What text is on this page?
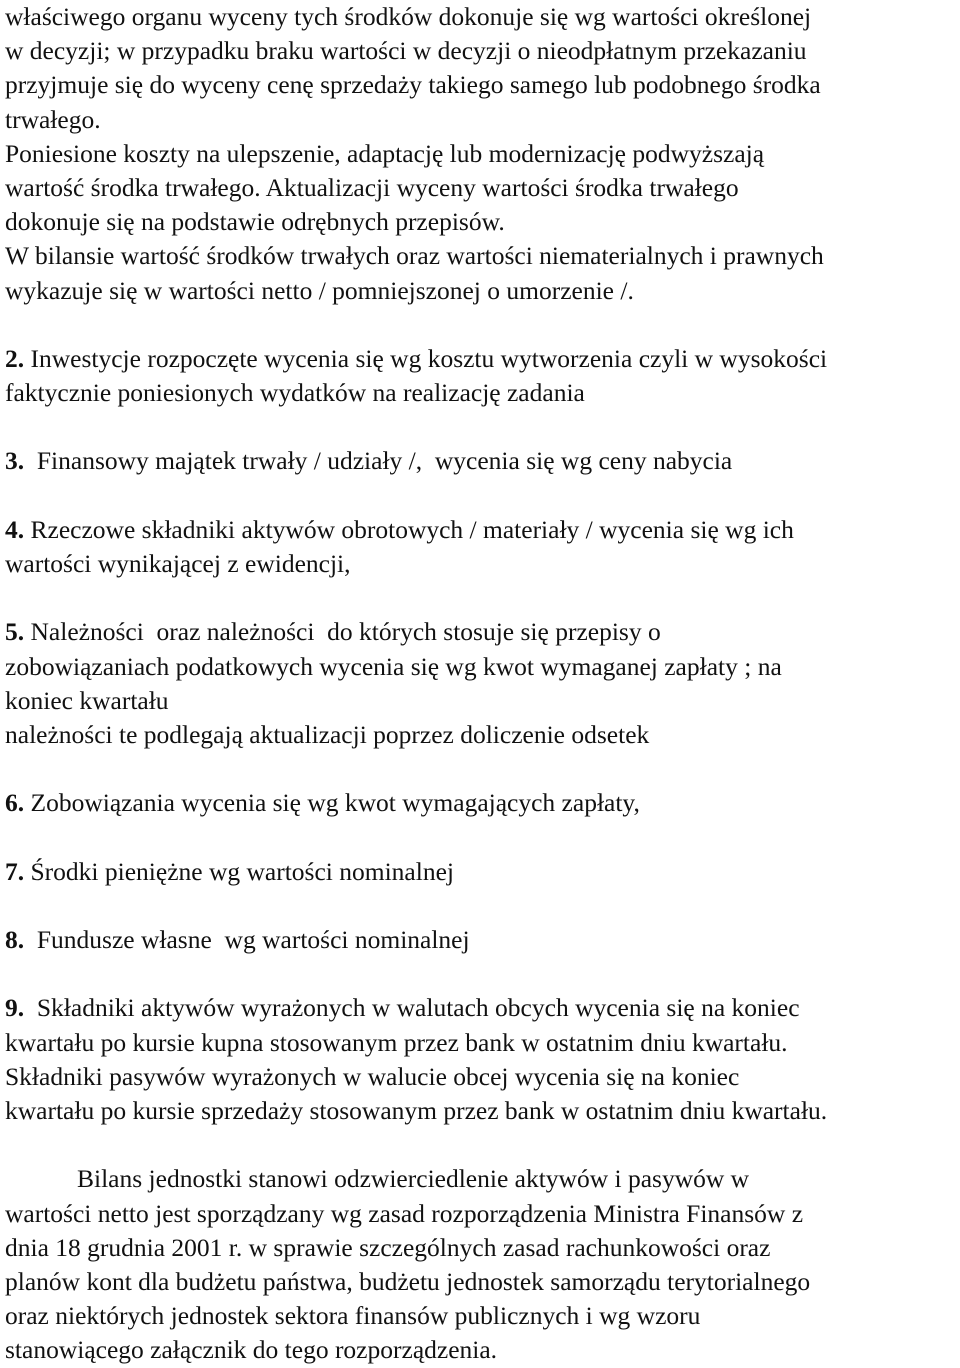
właściwego organu wyceny tych środków dokonuje się wg wartości określonej

w decyzji; w przypadku braku wartości w decyzji o nieodpłatnym przekazaniu

przyjmuje się do wyceny cenę sprzedaży takiego samego lub podobnego środka

trwałego.

Poniesione koszty na ulepszenie, adaptację lub modernizację podwyższają

wartość środka trwałego. Aktualizacji wyceny wartości środka trwałego

dokonuje się na podstawie odrębnych przepisów.

W bilansie wartość środków trwałych oraz wartości niematerialnych i prawnych

wykazuje się w wartości netto / pomniejszonej o umorzenie /.

2. Inwestycje rozpoczęte wycenia się wg kosztu wytworzenia czyli w wysokości

faktycznie poniesionych wydatków na realizację zadania

3.  Finansowy majątek trwały / udziały /,  wycenia się wg ceny nabycia

4. Rzeczowe składniki aktywów obrotowych / materiały / wycenia się wg ich

wartości wynikającej z ewidencji,

5. Należności  oraz należności  do których stosuje się przepisy o

zobowiązaniach podatkowych wycenia się wg kwot wymaganej zapłaty ; na

koniec kwartału

należności te podlegają aktualizacji poprzez doliczenie odsetek

6. Zobowiązania wycenia się wg kwot wymagających zapłaty,

7. Środki pieniężne wg wartości nominalnej

8.  Fundusze własne  wg wartości nominalnej

9.  Składniki aktywów wyrażonych w walutach obcych wycenia się na koniec

kwartału po kursie kupna stosowanym przez bank w ostatnim dniu kwartału.

Składniki pasywów wyrażonych w walucie obcej wycenia się na koniec

kwartału po kursie sprzedaży stosowanym przez bank w ostatnim dniu kwartału.

Bilans jednostki stanowi odzwierciedlenie aktywów i pasywów w

wartości netto jest sporządzany wg zasad rozporządzenia Ministra Finansów z

dnia 18 grudnia 2001 r. w sprawie szczególnych zasad rachunkowości oraz

planów kont dla budżetu państwa, budżetu jednostek samorządu terytorialnego

oraz niektórych jednostek sektora finansów publicznych i wg wzoru

stanowiącego załącznik do tego rozporządzenia.
